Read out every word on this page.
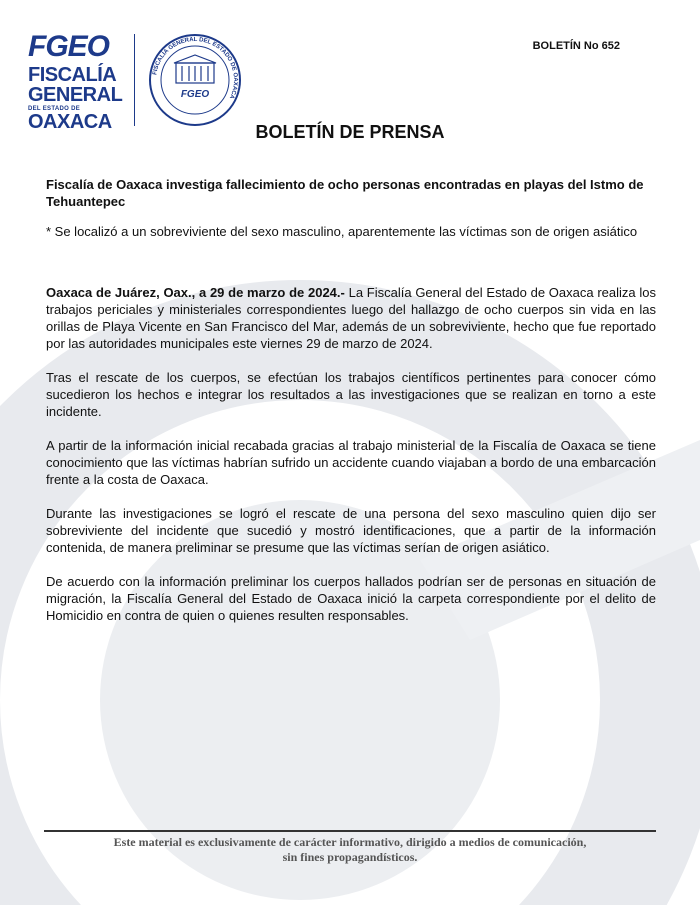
FGEO
FISCALÍA
GENERAL
DEL ESTADO DE
OAXACA
FISCALÍA GENERAL DEL ESTADO DE OAXACA
FGEO
BOLETÍN No 652
BOLETÍN DE PRENSA
Fiscalía de Oaxaca investiga fallecimiento de ocho personas encontradas en playas del Istmo de Tehuantepec
* Se localizó a un sobreviviente del sexo masculino, aparentemente las víctimas son de origen asiático

Oaxaca de Juárez, Oax., a 29 de marzo de 2024.- La Fiscalía General del Estado de Oaxaca realiza los trabajos periciales y ministeriales correspondientes luego del hallazgo de ocho cuerpos sin vida en las orillas de Playa Vicente en San Francisco del Mar, además de un sobreviviente, hecho que fue reportado por las autoridades municipales este viernes 29 de marzo de 2024.

Tras el rescate de los cuerpos, se efectúan los trabajos científicos pertinentes para conocer cómo sucedieron los hechos e integrar los resultados a las investigaciones que se realizan en torno a este incidente.

A partir de la información inicial recabada gracias al trabajo ministerial de la Fiscalía de Oaxaca se tiene conocimiento que las víctimas habrían sufrido un accidente cuando viajaban a bordo de una embarcación frente a la costa de Oaxaca.

Durante las investigaciones se logró el rescate de una persona del sexo masculino quien dijo ser sobreviviente del incidente que sucedió y mostró identificaciones, que a partir de la información contenida, de manera preliminar se presume que las víctimas serían de origen asiático.

De acuerdo con la información preliminar los cuerpos hallados podrían ser de personas en situación de migración, la Fiscalía General del Estado de Oaxaca inició la carpeta correspondiente por el delito de Homicidio en contra de quien o quienes resulten responsables.

Este material es exclusivamente de carácter informativo, dirigido a medios de comunicación,
sin fines propagandísticos.
